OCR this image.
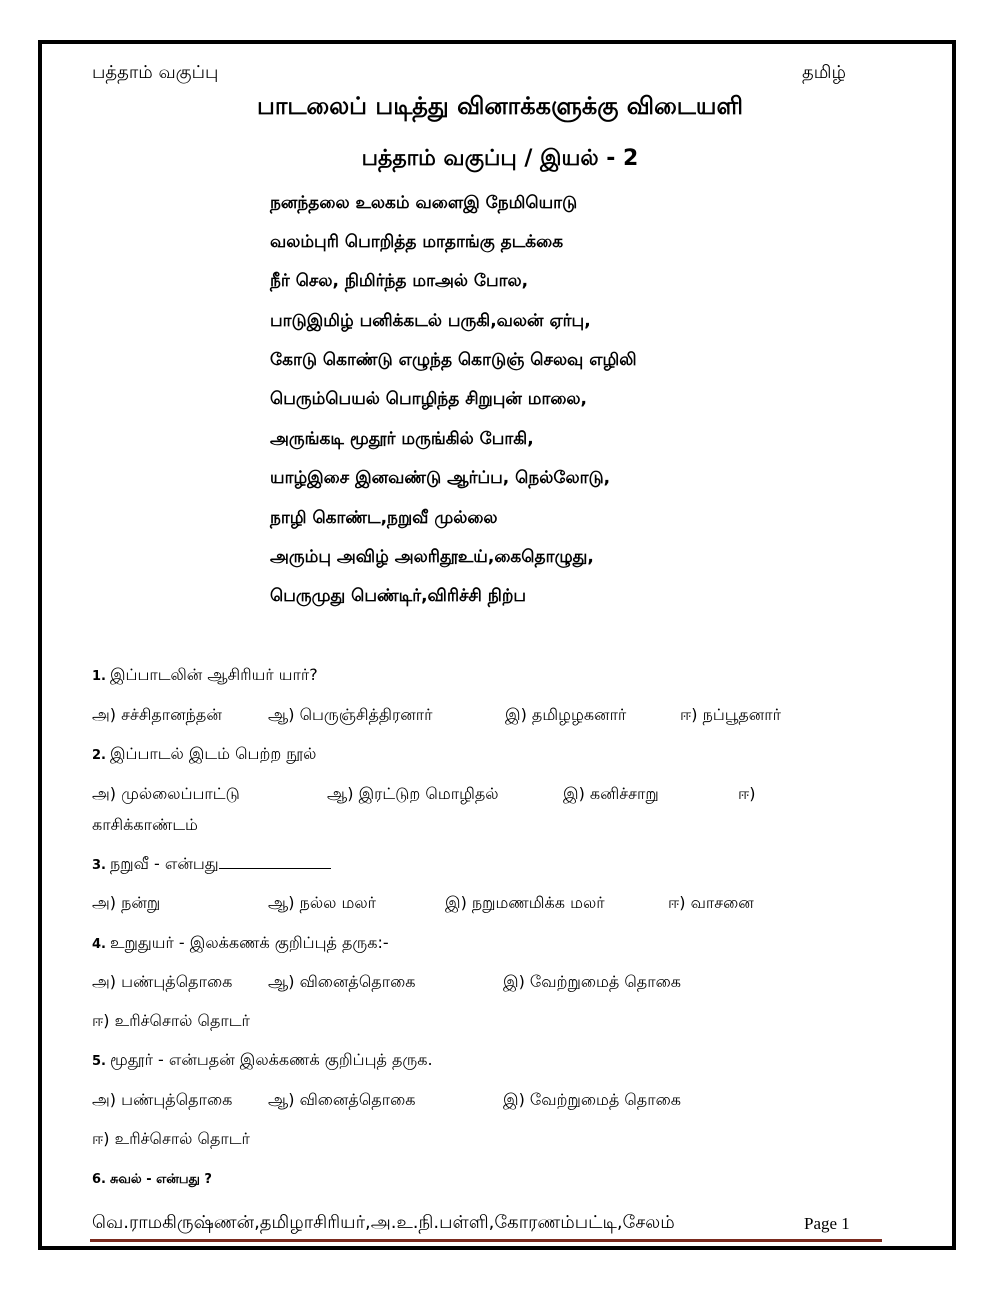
பத்தாம் வகுப்பு	தமிழ்
பாடலைப் படித்து வினாக்களுக்கு விடையளி
பத்தாம் வகுப்பு / இயல் - 2
நனந்தலை உலகம் வளைஇ நேமியொடு
வலம்புரி பொறித்த மாதாங்கு தடக்கை
நீர் செல, நிமிர்ந்த மாஅல் போல,
பாடுஇமிழ் பனிக்கடல் பருகி,வலன் ஏர்பு,
கோடு கொண்டு எழுந்த கொடுஞ் செலவு எழிலி
பெரும்பெயல் பொழிந்த சிறுபுன் மாலை,
அருங்கடி மூதூர் மருங்கில் போகி,
யாழ்இசை இனவண்டு ஆர்ப்ப, நெல்லோடு,
நாழி கொண்ட,நறுவீ முல்லை
அரும்பு அவிழ் அலரிதூஉய்,கைதொழுது,
பெருமுது பெண்டிர்,விரிச்சி நிற்ப
1. இப்பாடலின் ஆசிரியர் யார்?
அ) சச்சிதானந்தன்	ஆ) பெருஞ்சித்திரனார்	இ) தமிழழகனார்	ஈ) நப்பூதனார்
2. இப்பாடல் இடம் பெற்ற நூல்
அ) முல்லைப்பாட்டு	ஆ) இரட்டுற மொழிதல்	இ) கனிச்சாறு	ஈ)
காசிக்காண்டம்
3. நறுவீ - என்பது
அ) நன்று	ஆ) நல்ல மலர்	இ) நறுமணமிக்க மலர்	ஈ) வாசனை
4. உறுதுயர் - இலக்கணக் குறிப்புத் தருக:-
அ) பண்புத்தொகை ஆ) வினைத்தொகை	இ) வேற்றுமைத் தொகை
ஈ) உரிச்சொல் தொடர்
5. மூதூர் - என்பதன் இலக்கணக் குறிப்புத் தருக.
அ) பண்புத்தொகை ஆ) வினைத்தொகை	இ) வேற்றுமைத் தொகை
ஈ) உரிச்சொல் தொடர்
6. சுவல் - என்பது ?
வெ.ராமகிருஷ்ணன்,தமிழாசிரியர்,அ.உ.நி.பள்ளி,கோரணம்பட்டி,சேலம்	Page 1
